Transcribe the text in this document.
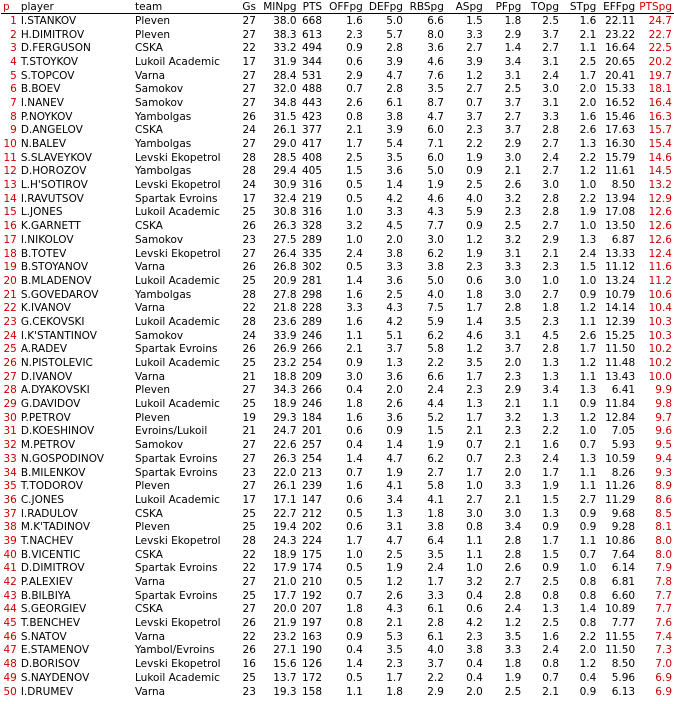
p	player	team	Gs	MINpg	PTS	OFFpg	DEFpg	RBSpg	ASpg	PFpg	TOpg	STpg	EFFpg	PTSpg
1	I.STANKOV	Pleven	27	38.0	668	1.6	5.0	6.6	1.5	1.8	2.5	1.6	22.11	24.7
2	H.DIMITROV	Pleven	27	38.3	613	2.3	5.7	8.0	3.3	2.9	3.7	2.1	23.22	22.7
3	D.FERGUSON	CSKA	22	33.2	494	0.9	2.8	3.6	2.7	1.4	2.7	1.1	16.64	22.5
4	T.STOYKOV	Lukoil Academic	17	31.9	344	0.6	3.9	4.6	3.9	3.4	3.1	2.5	20.65	20.2
5	S.TOPCOV	Varna	27	28.4	531	2.9	4.7	7.6	1.2	3.1	2.4	1.7	20.41	19.7
6	B.BOEV	Samokov	27	32.0	488	0.7	2.8	3.5	2.7	2.5	3.0	2.0	15.33	18.1
7	I.NANEV	Samokov	27	34.8	443	2.6	6.1	8.7	0.7	3.7	3.1	2.0	16.52	16.4
8	P.NOYKOV	Yambolgas	26	31.5	423	0.8	3.8	4.7	3.7	2.7	3.3	1.6	15.46	16.3
9	D.ANGELOV	CSKA	24	26.1	377	2.1	3.9	6.0	2.3	3.7	2.8	2.6	17.63	15.7
10	N.BALEV	Yambolgas	27	29.0	417	1.7	5.4	7.1	2.2	2.9	2.7	1.3	16.30	15.4
11	S.SLAVEYKOV	Levski Ekopetrol	28	28.5	408	2.5	3.5	6.0	1.9	3.0	2.4	2.2	15.79	14.6
12	D.HOROZOV	Yambolgas	28	29.4	405	1.5	3.6	5.0	0.9	2.1	2.7	1.2	11.61	14.5
13	L.H'SOTIROV	Levski Ekopetrol	24	30.9	316	0.5	1.4	1.9	2.5	2.6	3.0	1.0	8.50	13.2
14	I.RAVUTSOV	Spartak Evroins	17	32.4	219	0.5	4.2	4.6	4.0	3.2	2.8	2.2	13.94	12.9
15	L.JONES	Lukoil Academic	25	30.8	316	1.0	3.3	4.3	5.9	2.3	2.8	1.9	17.08	12.6
16	K.GARNETT	CSKA	26	26.3	328	3.2	4.5	7.7	0.9	2.5	2.7	1.0	13.50	12.6
17	I.NIKOLOV	Samokov	23	27.5	289	1.0	2.0	3.0	1.2	3.2	2.9	1.3	6.87	12.6
18	B.TOTEV	Levski Ekopetrol	27	26.4	335	2.4	3.8	6.2	1.9	3.1	2.1	2.4	13.33	12.4
19	B.STOYANOV	Varna	26	26.8	302	0.5	3.3	3.8	2.3	3.3	2.3	1.5	11.12	11.6
20	B.MLADENOV	Lukoil Academic	25	20.9	281	1.4	3.6	5.0	0.6	3.0	1.0	1.0	13.24	11.2
21	S.GOVEDAROV	Yambolgas	28	27.8	298	1.6	2.5	4.0	1.8	3.0	2.7	0.9	10.79	10.6
22	K.IVANOV	Varna	22	21.8	228	3.3	4.3	7.5	1.7	2.8	1.8	1.2	14.14	10.4
23	G.CEKOVSKI	Lukoil Academic	28	23.6	289	1.6	4.2	5.9	1.4	3.5	2.3	1.1	12.39	10.3
24	I.K'STANTINOV	Samokov	24	33.9	246	1.1	5.1	6.2	4.6	3.1	4.5	2.6	15.25	10.3
25	A.RADEV	Spartak Evroins	26	26.9	266	2.1	3.7	5.8	1.2	3.7	2.8	1.7	11.50	10.2
26	N.PISTOLEVIC	Lukoil Academic	25	23.2	254	0.9	1.3	2.2	3.5	2.0	1.3	1.2	11.48	10.2
27	D.IVANOV	Varna	21	18.8	209	3.0	3.6	6.6	1.7	2.3	1.3	1.1	13.43	10.0
28	A.DYAKOVSKI	Pleven	27	34.3	266	0.4	2.0	2.4	2.3	2.9	3.4	1.3	6.41	9.9
29	G.DAVIDOV	Lukoil Academic	25	18.9	246	1.8	2.6	4.4	1.3	2.1	1.1	0.9	11.84	9.8
30	P.PETROV	Pleven	19	29.3	184	1.6	3.6	5.2	1.7	3.2	1.3	1.2	12.84	9.7
31	D.KOESHINOV	Evroins/Lukoil	21	24.7	201	0.6	0.9	1.5	2.1	2.3	2.2	1.0	7.05	9.6
32	M.PETROV	Samokov	27	22.6	257	0.4	1.4	1.9	0.7	2.1	1.6	0.7	5.93	9.5
33	N.GOSPODINOV	Spartak Evroins	27	26.3	254	1.4	4.7	6.2	0.7	2.3	2.4	1.3	10.59	9.4
34	B.MILENKOV	Spartak Evroins	23	22.0	213	0.7	1.9	2.7	1.7	2.0	1.7	1.1	8.26	9.3
35	T.TODOROV	Pleven	27	26.1	239	1.6	4.1	5.8	1.0	3.3	1.9	1.1	11.26	8.9
36	C.JONES	Lukoil Academic	17	17.1	147	0.6	3.4	4.1	2.7	2.1	1.5	2.7	11.29	8.6
37	I.RADULOV	CSKA	25	22.7	212	0.5	1.3	1.8	3.0	3.0	1.3	0.9	9.68	8.5
38	M.K'TADINOV	Pleven	25	19.4	202	0.6	3.1	3.8	0.8	3.4	0.9	0.9	9.28	8.1
39	T.NACHEV	Levski Ekopetrol	28	24.3	224	1.7	4.7	6.4	1.1	2.8	1.7	1.1	10.86	8.0
40	B.VICENTIC	CSKA	22	18.9	175	1.0	2.5	3.5	1.1	2.8	1.5	0.7	7.64	8.0
41	D.DIMITROV	Spartak Evroins	22	17.9	174	0.5	1.9	2.4	1.0	2.6	0.9	1.0	6.14	7.9
42	P.ALEXIEV	Varna	27	21.0	210	0.5	1.2	1.7	3.2	2.7	2.5	0.8	6.81	7.8
43	B.BILBIYA	Spartak Evroins	25	17.7	192	0.7	2.6	3.3	0.4	2.8	0.8	0.8	6.60	7.7
44	S.GEORGIEV	CSKA	27	20.0	207	1.8	4.3	6.1	0.6	2.4	1.3	1.4	10.89	7.7
45	T.BENCHEV	Levski Ekopetrol	26	21.9	197	0.8	2.1	2.8	4.2	1.2	2.5	0.8	7.77	7.6
46	S.NATOV	Varna	22	23.2	163	0.9	5.3	6.1	2.3	3.5	1.6	2.2	11.55	7.4
47	E.STAMENOV	Yambol/Evroins	26	27.1	190	0.4	3.5	4.0	3.8	3.3	2.4	2.0	11.50	7.3
48	D.BORISOV	Levski Ekopetrol	16	15.6	126	1.4	2.3	3.7	0.4	1.8	0.8	1.2	8.50	7.0
49	S.NAYDENOV	Lukoil Academic	25	13.7	172	0.5	1.7	2.2	0.4	1.9	0.7	0.4	5.96	6.9
50	I.DRUMEV	Varna	23	19.3	158	1.1	1.8	2.9	2.0	2.5	2.1	0.9	6.13	6.9
